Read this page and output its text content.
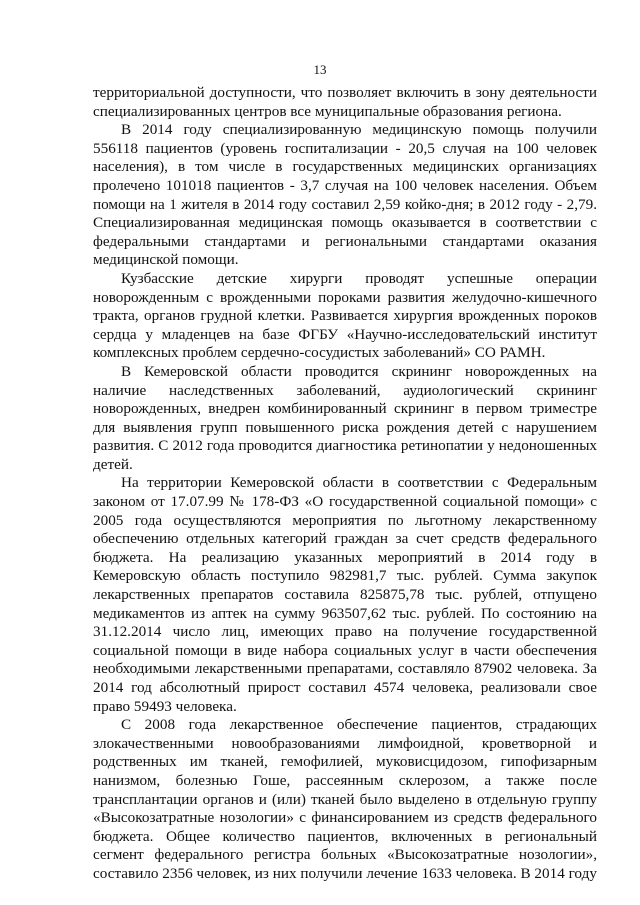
13

территориальной доступности, что позволяет включить в зону деятельности специализированных центров все муниципальные образования региона.

В 2014 году специализированную медицинскую помощь получили 556118 пациентов (уровень госпитализации - 20,5 случая на 100 человек населения), в том числе в государственных медицинских организациях пролечено 101018 пациентов - 3,7 случая на 100 человек населения. Объем помощи на 1 жителя в 2014 году составил 2,59 койко-дня; в 2012 году - 2,79. Специализированная медицинская помощь оказывается в соответствии с федеральными стандартами и региональными стандартами оказания медицинской помощи.

Кузбасские детские хирурги проводят успешные операции новорожденным с врожденными пороками развития желудочно-кишечного тракта, органов грудной клетки. Развивается хирургия врожденных пороков сердца у младенцев на базе ФГБУ «Научно-исследовательский институт комплексных проблем сердечно-сосудистых заболеваний» СО РАМН.

В Кемеровской области проводится скрининг новорожденных на наличие наследственных заболеваний, аудиологический скрининг новорожденных, внедрен комбинированный скрининг в первом триместре для выявления групп повышенного риска рождения детей с нарушением развития. С 2012 года проводится диагностика ретинопатии у недоношенных детей.

На территории Кемеровской области в соответствии с Федеральным законом от 17.07.99 № 178-ФЗ «О государственной социальной помощи» с 2005 года осуществляются мероприятия по льготному лекарственному обеспечению отдельных категорий граждан за счет средств федерального бюджета. На реализацию указанных мероприятий в 2014 году в Кемеровскую область поступило 982981,7 тыс. рублей. Сумма закупок лекарственных препаратов составила 825875,78 тыс. рублей, отпущено медикаментов из аптек на сумму 963507,62 тыс. рублей. По состоянию на 31.12.2014 число лиц, имеющих право на получение государственной социальной помощи в виде набора социальных услуг в части обеспечения необходимыми лекарственными препаратами, составляло 87902 человека. За 2014 год абсолютный прирост составил 4574 человека, реализовали свое право 59493 человека.

С 2008 года лекарственное обеспечение пациентов, страдающих злокачественными новообразованиями лимфоидной, кроветворной и родственных им тканей, гемофилией, муковисцидозом, гипофизарным нанизмом, болезнью Гоше, рассеянным склерозом, а также после трансплантации органов и (или) тканей было выделено в отдельную группу «Высокозатратные нозологии» с финансированием из средств федерального бюджета. Общее количество пациентов, включенных в региональный сегмент федерального регистра больных «Высокозатратные нозологии», составило 2356 человек, из них получили лечение 1633 человека. В 2014 году
